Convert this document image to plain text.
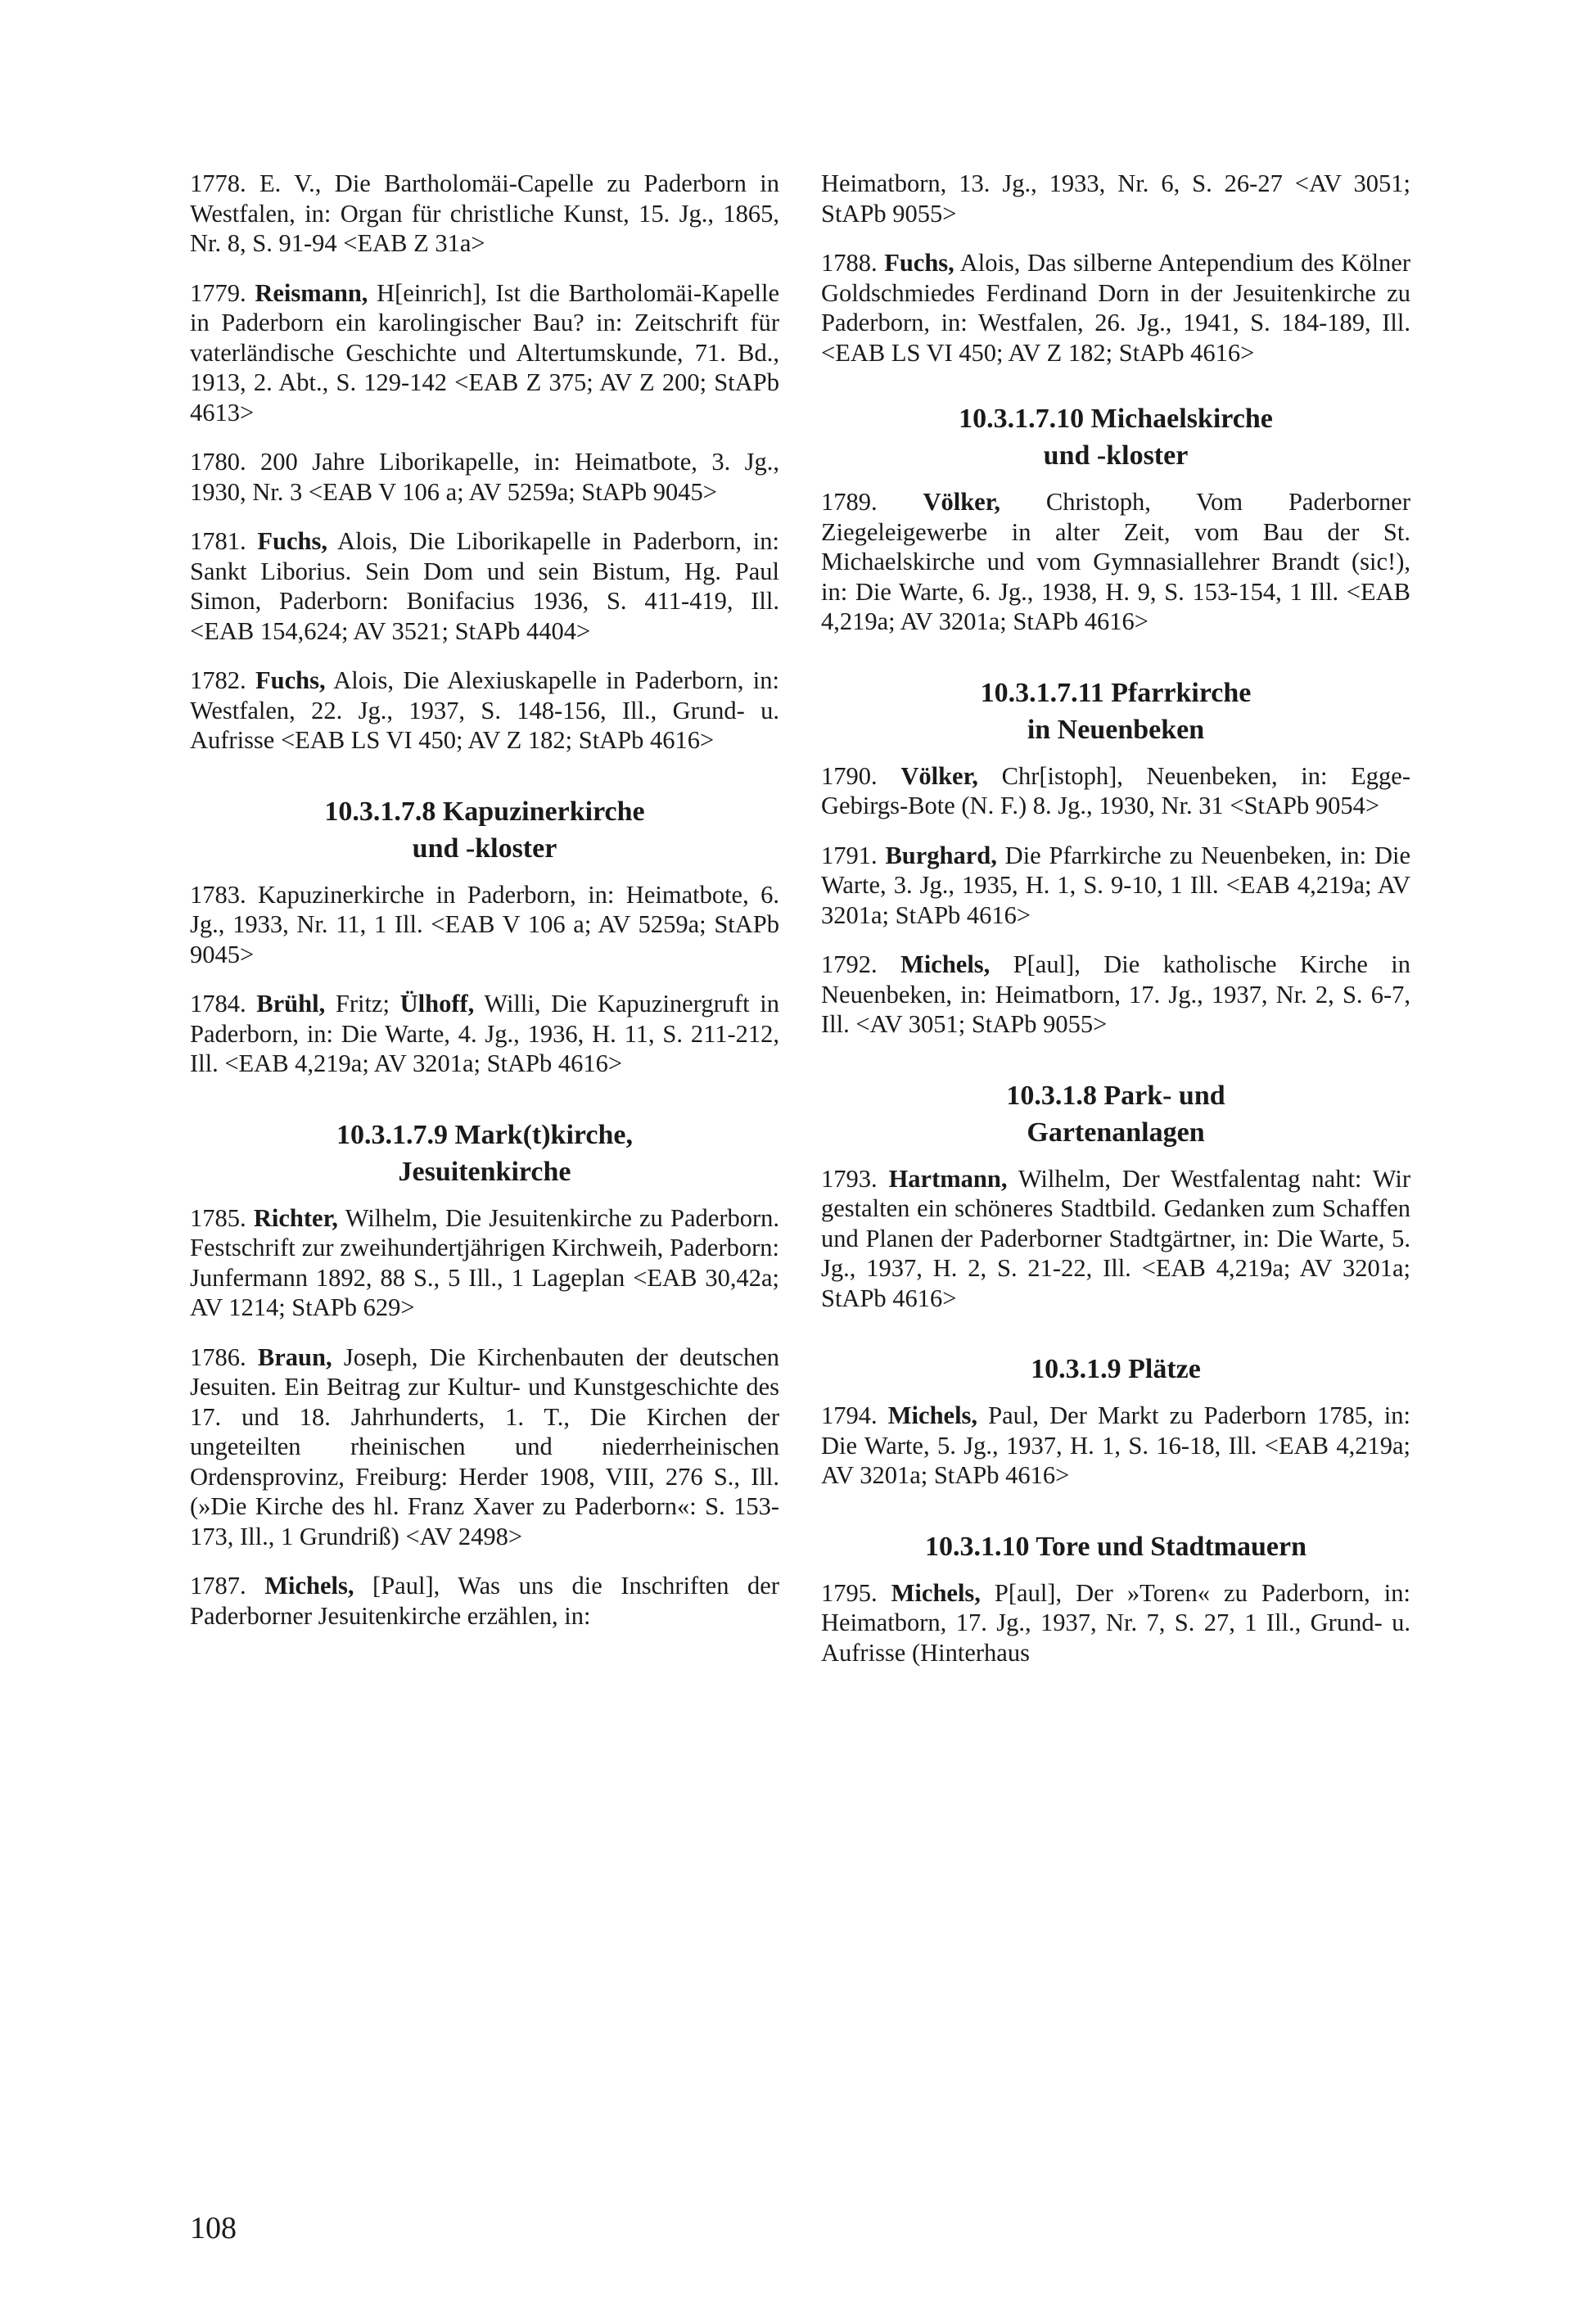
1778. E. V., Die Bartholomäi-Capelle zu Paderborn in Westfalen, in: Organ für christliche Kunst, 15. Jg., 1865, Nr. 8, S. 91-94 <EAB Z 31a>

1779. Reismann, H[einrich], Ist die Bartholomäi-Kapelle in Paderborn ein karolingischer Bau? in: Zeitschrift für vaterländische Geschichte und Altertumskunde, 71. Bd., 1913, 2. Abt., S. 129-142 <EAB Z 375; AV Z 200; StAPb 4613>

1780. 200 Jahre Liborikapelle, in: Heimatbote, 3. Jg., 1930, Nr. 3 <EAB V 106 a; AV 5259a; StAPb 9045>

1781. Fuchs, Alois, Die Liborikapelle in Paderborn, in: Sankt Liborius. Sein Dom und sein Bistum, Hg. Paul Simon, Paderborn: Bonifacius 1936, S. 411-419, Ill. <EAB 154,624; AV 3521; StAPb 4404>

1782. Fuchs, Alois, Die Alexiuskapelle in Paderborn, in: Westfalen, 22. Jg., 1937, S. 148-156, Ill., Grund- u. Aufrisse <EAB LS VI 450; AV Z 182; StAPb 4616>

10.3.1.7.8 Kapuzinerkirche
und -kloster

1783. Kapuzinerkirche in Paderborn, in: Heimatbote, 6. Jg., 1933, Nr. 11, 1 Ill. <EAB V 106 a; AV 5259a; StAPb 9045>

1784. Brühl, Fritz; Ülhoff, Willi, Die Kapuzinergruft in Paderborn, in: Die Warte, 4. Jg., 1936, H. 11, S. 211-212, Ill. <EAB 4,219a; AV 3201a; StAPb 4616>

10.3.1.7.9 Mark(t)kirche,
Jesuitenkirche

1785. Richter, Wilhelm, Die Jesuitenkirche zu Paderborn. Festschrift zur zweihundertjährigen Kirchweih, Paderborn: Junfermann 1892, 88 S., 5 Ill., 1 Lageplan <EAB 30,42a; AV 1214; StAPb 629>

1786. Braun, Joseph, Die Kirchenbauten der deutschen Jesuiten. Ein Beitrag zur Kultur- und Kunstgeschichte des 17. und 18. Jahrhunderts, 1. T., Die Kirchen der ungeteilten rheinischen und niederrheinischen Ordensprovinz, Freiburg: Herder 1908, VIII, 276 S., Ill. (»Die Kirche des hl. Franz Xaver zu Paderborn«: S. 153-173, Ill., 1 Grundriß) <AV 2498>

1787. Michels, [Paul], Was uns die Inschriften der Paderborner Jesuitenkirche erzählen, in:

Heimatborn, 13. Jg., 1933, Nr. 6, S. 26-27 <AV 3051; StAPb 9055>

1788. Fuchs, Alois, Das silberne Antependium des Kölner Goldschmiedes Ferdinand Dorn in der Jesuitenkirche zu Paderborn, in: Westfalen, 26. Jg., 1941, S. 184-189, Ill. <EAB LS VI 450; AV Z 182; StAPb 4616>

10.3.1.7.10 Michaelskirche
und -kloster

1789. Völker, Christoph, Vom Paderborner Ziegeleigewerbe in alter Zeit, vom Bau der St. Michaelskirche und vom Gymnasiallehrer Brandt (sic!), in: Die Warte, 6. Jg., 1938, H. 9, S. 153-154, 1 Ill. <EAB 4,219a; AV 3201a; StAPb 4616>

10.3.1.7.11 Pfarrkirche
in Neuenbeken

1790. Völker, Chr[istoph], Neuenbeken, in: Egge-Gebirgs-Bote (N. F.) 8. Jg., 1930, Nr. 31 <StAPb 9054>

1791. Burghard, Die Pfarrkirche zu Neuenbeken, in: Die Warte, 3. Jg., 1935, H. 1, S. 9-10, 1 Ill. <EAB 4,219a; AV 3201a; StAPb 4616>

1792. Michels, P[aul], Die katholische Kirche in Neuenbeken, in: Heimatborn, 17. Jg., 1937, Nr. 2, S. 6-7, Ill. <AV 3051; StAPb 9055>

10.3.1.8 Park- und
Gartenanlagen

1793. Hartmann, Wilhelm, Der Westfalentag naht: Wir gestalten ein schöneres Stadtbild. Gedanken zum Schaffen und Planen der Paderborner Stadtgärtner, in: Die Warte, 5. Jg., 1937, H. 2, S. 21-22, Ill. <EAB 4,219a; AV 3201a; StAPb 4616>

10.3.1.9 Plätze

1794. Michels, Paul, Der Markt zu Paderborn 1785, in: Die Warte, 5. Jg., 1937, H. 1, S. 16-18, Ill. <EAB 4,219a; AV 3201a; StAPb 4616>

10.3.1.10 Tore und Stadtmauern

1795. Michels, P[aul], Der »Toren« zu Paderborn, in: Heimatborn, 17. Jg., 1937, Nr. 7, S. 27, 1 Ill., Grund- u. Aufrisse (Hinterhaus

108
